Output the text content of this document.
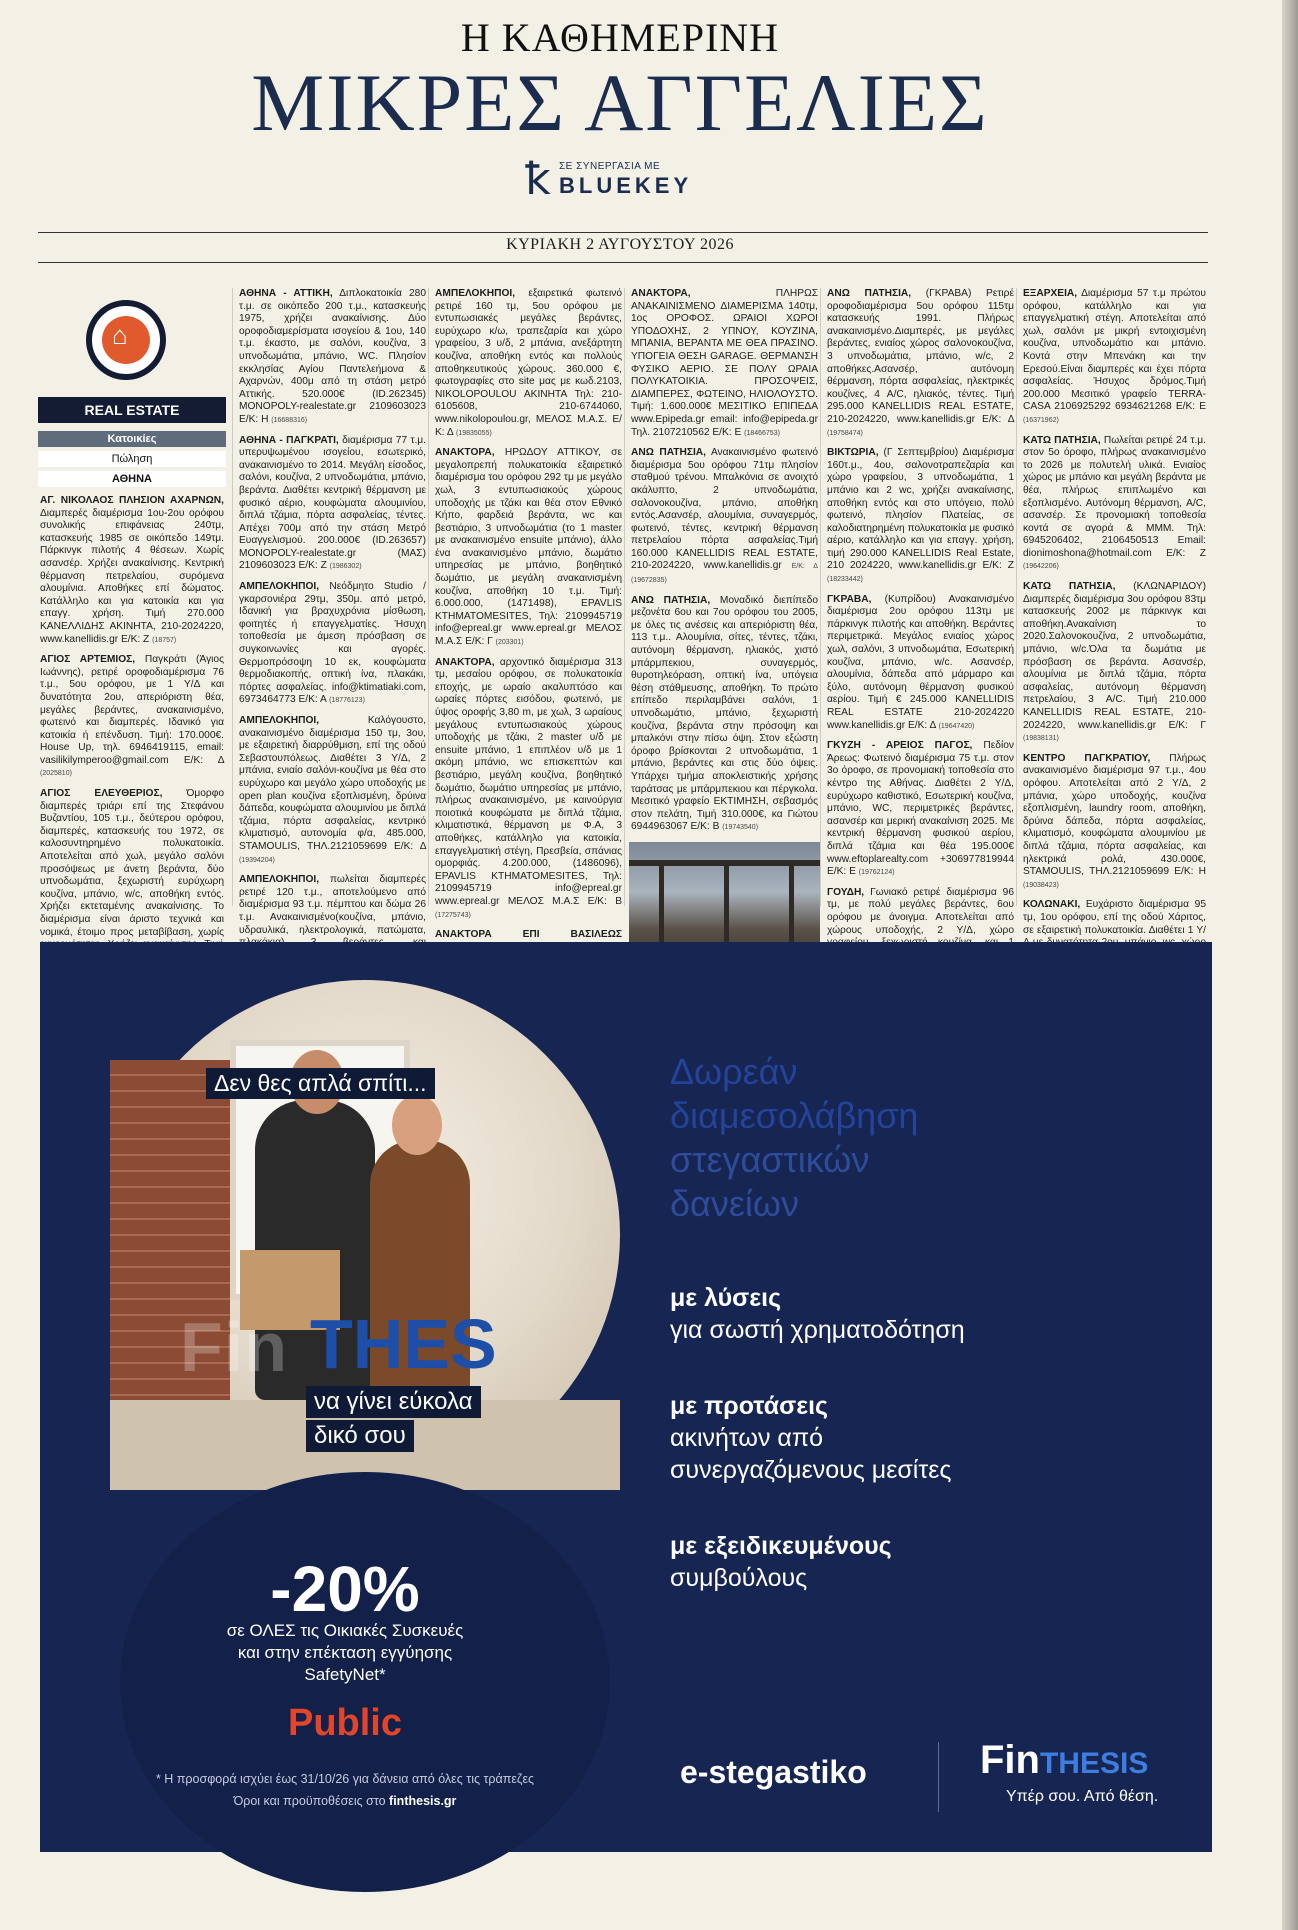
Η ΚΑΘΗΜΕΡΙΝΗ
ΜΙΚΡΕΣ ΑΓΓΕΛΙΕΣ
ꝁ ΣΕ ΣΥΝΕΡΓΑΣΙΑ ΜΕ
BLUEKEY
ΚΥΡΙΑΚΗ 2 ΑΥΓΟΥΣΤΟΥ 2026
⌂
REAL ESTATE
Κατοικίες
Πώληση
ΑΘΗΝΑ
ΑΓ. ΝΙΚΟΛΑΟΣ ΠΛΗΣΙΟΝ ΑΧΑΡΝΩΝ, Διαμπερές διαμέρισμα 1ου-2ου ορόφου συνολικής επιφάνειας 240τμ, κατασκευής 1985 σε οικόπεδο 149τμ. Πάρκινγκ πιλοτής 4 θέσεων. Χωρίς ασανσέρ. Χρήζει ανακαίνισης. Κεντρική θέρμανση πετρελαίου, συρόμενα αλουμίνια. Αποθήκες επί δώματος. Κατάλληλο και για κατοικία και για επαγγ. χρήση. Τιμή 270.000 ΚΑΝΕΛΛΙΔΗΣ ΑΚΙΝΗΤΑ, 210-2024220, www.kanellidis.gr Ε/Κ: Ζ (18757)
ΑΓΙΟΣ ΑΡΤΕΜΙΟΣ, Παγκράτι (Άγιος Ιωάννης), ρετιρέ οροφοδιαμέρισμα 76 τ.μ., 5ου ορόφου, με 1 Υ/Δ και δυνατότητα 2ου, απεριόριστη θέα, μεγάλες βεράντες, ανακαινισμένο, φωτεινό και διαμπερές. Ιδανικό για κατοικία ή επένδυση. Τιμή: 170.000€. House Up, τηλ. 6946419115, email: vasilikilymperoo@gmail.com Ε/Κ: Δ (2025810)
ΑΓΙΟΣ ΕΛΕΥΘΕΡΙΟΣ, Όμορφο διαμπερές τριάρι επί της Στεφάνου Βυζαντίου, 105 τ.μ., δεύτερου ορόφου, διαμπερές, κατασκευής του 1972, σε καλοσυντηρημένο πολυκατοικία. Αποτελείται από χωλ, μεγάλο σαλόνι προσόψεως με άνετη βεράντα, δύο υπνοδωμάτια, ξεχωριστή ευρύχωρη κουζίνα, μπάνιο, w/c, αποθήκη εντός. Χρήζει εκτεταμένης ανακαίνισης. Το διαμέρισμα είναι άριστο τεχνικά και νομικά, έτοιμο προς μεταβίβαση, χωρίς
ΑΘΗΝΑ - ΑΤΤΙΚΗ, Διπλοκατοικία 280 τ.μ. σε οικόπεδο 200 τ.μ., κατασκευής 1975, χρήζει ανακαίνισης. Δύο οροφοδιαμερίσματα ισογείου & 1ου, 140 τ.μ. έκαστο, με σαλόνι, κουζίνα, 3 υπνοδωμάτια, μπάνιο, WC. Πλησίον εκκλησίας Αγίου Παντελεήμονα & Αχαρνών, 400μ από τη στάση μετρό Αττικής. 520.000€ (ID.262345) MONOPOLY-realestate.gr 2109603023 Ε/Κ: Η (16688316)
ΑΘΗΝΑ - ΠΑΓΚΡΑΤΙ, διαμέρισμα 77 τ.μ. υπερυψωμένου ισογείου, εσωτερικό, ανακαινισμένο το 2014. Μεγάλη είσοδος, σαλόνι, κουζίνα, 2 υπνοδωμάτια, μπάνιο, βεράντα. Διαθέτει κεντρική θέρμανση με φυσικό αέριο, κουφώματα αλουμινίου, διπλά τζάμια, πόρτα ασφαλείας, τέντες. Απέχει 700μ από την στάση Μετρό Ευαγγελισμού. 200.000€ (ID.263657) MONOPOLY-realestate.gr (ΜΑΣ) 2109603023 Ε/Κ: Ζ (1986302)
ΑΜΠΕΛΟΚΗΠΟΙ, Νεόδμητο Studio / γκαρσονιέρα 29τμ, 350μ. από μετρό, Ιδανική για βραχυχρόνια μίσθωση, φοιτητές ή επαγγελματίες. Ήσυχη τοποθεσία με άμεση πρόσβαση σε συγκοινωνίες και αγορές. Θερμοπρόσοψη 10 εκ, κουφώματα θερμοδιακοπής, οπτική ίνα, πλακάκι, πόρτες ασφαλείας. info@ktimatiaki.com, 6973464773 Ε/Κ: Α (18776123)
ΑΜΠΕΛΟΚΗΠΟΙ, Καλόγουστο, ανακαινισμένο διαμέρισμα 150 τμ, 3ου, με εξαιρετική διαρρύθμιση, επί της οδού Σεβαστουπόλεως. Διαθέτει 3 Υ/Δ, 2 μπάνια, ενιαίο σαλόνι-κουζίνα με θέα στο ευρύχωρο και μεγάλο χώρο υποδοχής με open plan κουζίνα εξοπλισμένη, δρύινα δάπεδα, κουφώματα αλουμινίου με διπλά τζάμια, πόρτα ασφαλείας, κεντρικό κλιματισμό, αυτονομία φ/α, 485.000, STAMOULIS, ΤΗΛ.2121059699 Ε/Κ: Δ (19394204)
ΑΜΠΕΛΟΚΗΠΟΙ, πωλείται διαμπερές ρετιρέ 120 τ.μ., αποτελούμενο από διαμέρισμα 93 τ.μ. πέμπτου και δώμα 26 τ.μ. Ανακαινισμένο(κουζίνα, μπάνιο, υδραυλικά, ηλεκτρολογικά, πατώματα,
ΑΜΠΕΛΟΚΗΠΟΙ, εξαιρετικά φωτεινό ρετιρέ 160 τμ, 5ου ορόφου με εντυπωσιακές μεγάλες βεράντες, ευρύχωρο κ/ω, τραπεζαρία και χώρο γραφείου, 3 υ/δ, 2 μπάνια, ανεξάρτητη κουζίνα, αποθήκη εντός και πολλούς αποθηκευτικούς χώρους. 360.000 €, φωτογραφίες στο site μας με κωδ.2103, NIKOLOPOULOU AKINHTA Τηλ: 210-6105608, 210-6744060, www.nikolopoulou.gr, ΜΕΛΟΣ Μ.Α.Σ. Ε/Κ: Δ (19835055)
ΑΝΑΚΤΟΡΑ, ΗΡΩΔΟΥ ΑΤΤΙΚΟΥ, σε μεγαλοπρεπή πολυκατοικία εξαιρετικό διαμέρισμα του ορόφου 292 τμ με μεγάλο χωλ, 3 εντυπωσιακούς χώρους υποδοχής με τζάκι και θέα στον Εθνικό Κήπο, φαρδειά βεράντα, wc και βεστιάριο, 3 υπνοδωμάτια (το 1 master με ανακαινισμένο ensuite μπάνιο), άλλο ένα ανακαινισμένο μπάνιο, δωμάτιο υπηρεσίας με μπάνιο, βοηθητικό δωμάτιο, με μεγάλη ανακαινισμένη κουζίνα, αποθήκη 10 τ.μ. Τιμή: 6.000.000, (1471498), EPAVLIS KTHMATOMESITES, Τηλ: 2109945719 info@epreal.gr www.epreal.gr ΜΕΛΟΣ Μ.Α.Σ Ε/Κ: Γ (203301)
ΑΝΑΚΤΟΡΑ, αρχοντικό διαμέρισμα 313 τμ, μεσαίου ορόφου, σε πολυκατοικία εποχής, με ωραίο ακαλυπτόσο και ωραίες πόρτες εισόδου, φωτεινό, με ύψος οροφής 3,80 m, με χωλ, 3 ωραίους μεγάλους εντυπωσιακούς χώρους υποδοχής με τζάκι, 2 master υ/δ με ensuite μπάνιο, 1 επιπλέον υ/δ με 1 ακόμη μπάνιο, wc επισκεπτών και βεστιάριο, μεγάλη κουζίνα, βοηθητικό δωμάτιο, δωμάτιο υπηρεσίας με μπάνιο, πλήρως ανακαινισμένο, με καινούργια ποιοτικά κουφώματα με διπλά τζάμια, κλιματιστικά, θέρμανση με Φ.Α, 3 αποθήκες, κατάλληλο για κατοικία, επαγγελματική στέγη, Πρεσβεία, σπάνιας ομορφιάς. 4.200.000, (1486096), EPAVLIS KTHMATOMESITES, Τηλ: 2109945719 info@epreal.gr www.epreal.gr ΜΕΛΟΣ Μ.Α.Σ Ε/Κ: Β (17275743)
ΑΝΑΚΤΟΡΑ ΕΠΙ ΒΑΣΙΛΕΩΣ
ΑΝΑΚΤΟΡΑ, ΠΛΗΡΩΣ ΑΝΑΚΑΙΝΙΣΜΕΝΟ ΔΙΑΜΕΡΙΣΜΑ 140τμ, 1ος ΟΡΟΦΟΣ. ΩΡΑΙΟΙ ΧΩΡΟΙ ΥΠΟΔΟΧΗΣ, 2 ΥΠΝΟΥ, ΚΟΥΖΙΝΑ, ΜΠΑΝΙΑ, ΒΕΡΑΝΤΑ ΜΕ ΘΕΑ ΠΡΑΣΙΝΟ. ΥΠΟΓΕΙΑ ΘΕΣΗ GARAGE. ΘΕΡΜΑΝΣΗ ΦΥΣΙΚΟ ΑΕΡΙΟ. ΣΕ ΠΟΛΥ ΩΡΑΙΑ ΠΟΛΥΚΑΤΟΙΚΙΑ. ΠΡΟΣΟΨΕΙΣ, ΔΙΑΜΠΕΡΕΣ, ΦΩΤΕΙΝΟ, ΗΛΙΟΛΟΥΣΤΟ. Τιμή: 1.600.000€ ΜΕΣΙΤΙΚΟ ΕΠΙΠΕΔΑ www.Epipeda.gr email: info@epipeda.gr Τηλ. 2107210562 Ε/Κ: Ε (18466753)
ΑΝΩ ΠΑΤΗΣΙΑ, Ανακαινισμένο φωτεινό διαμέρισμα 5ου ορόφου 71τμ πλησίον σταθμού τρένου. Μπαλκόνια σε ανοιχτό ακάλυπτο, 2 υπνοδωμάτια, σαλονοκουζίνα, μπάνιο, αποθήκη εντός.Ασανσέρ, αλουμίνια, συναγερμός, φωτεινό, τέντες, κεντρική θέρμανση πετρελαίου πόρτα ασφαλείας.Τιμή 160.000 KANELLIDIS REAL ESTATE, 210-2024220, www.kanellidis.gr Ε/Κ: Δ (19672835)
ΑΝΩ ΠΑΤΗΣΙΑ, Μοναδικό διεπίπεδο μεζονέτα 6ου και 7ου ορόφου του 2005, με όλες τις ανέσεις και απεριόριστη θέα, 113 τ.μ.. Αλουμίνια, σίτες, τέντες, τζάκι, αυτόνομη θέρμανση, ηλιακός, χιστό μπάρμπεκιου, συναγερμός, θυροτηλεόραση, οπτική ίνα, υπόγεια θέση στάθμευσης, αποθήκη. Το πρώτο επίπεδο περιλαμβάνει σαλόνι, 1 υπνοδωμάτιο, μπάνιο, ξεχωριστή κουζίνα, βεράντα στην πρόσοψη και μπαλκόνι στην πίσω όψη. Στον εξώστη όροφο βρίσκονται 2 υπνοδωμάτια, 1 μπάνιο, βεράντες και στις δύο όψεις. Υπάρχει τμήμα αποκλειστικής χρήσης ταράτσας με μπάρμπεκιου και πέργκολα. Μεσιτικό γραφείο ΕΚΤΙΜΗΣΗ, σεβασμός στον πελάτη, Τιμή 310.000€, κα Γιώτου 6944963067 Ε/Κ: Β (19743540)
ΑΝΩ ΠΑΤΗΣΙΑ, (ΓΚΡΑΒΑ) Ρετιρέ οροφοδιαμέρισμα 5ου ορόφου 115τμ κατασκευής 1991. Πλήρως ανακαινισμένο.Διαμπερές, με μεγάλες βεράντες, ενιαίος χώρος σαλονοκουζίνα, 3 υπνοδωμάτια, μπάνιο, w/c, 2 αποθήκες.Ασανσέρ, αυτόνομη θέρμανση, πόρτα ασφαλείας, ηλεκτρικές κουζίνες, 4 A/C, ηλιακός, τέντες. Τιμή 295.000 KANELLIDIS REAL ESTATE, 210-2024220, www.kanellidis.gr Ε/Κ: Δ (19758474)
ΒΙΚΤΩΡΙΑ, (Γ Σεπτεμβρίου) Διαμέρισμα 160τ.μ., 4ου, σαλονοτραπεζαρία και χώρο γραφείου, 3 υπνοδωμάτια, 1 μπάνιο και 2 wc, χρήζει ανακαίνισης, αποθήκη εντός και στο υπόγειο, πολύ φωτεινό, πλησίον Πλατείας, σε καλοδιατηρημένη πολυκατοικία με φυσικό αέριο, κατάλληλο και για επαγγ. χρήση, τιμή 290.000 KANELLIDIS Real Estate, 210 2024220, www.kanellidis.gr Ε/Κ: Ζ (18233442)
ΓΚΡΑΒΑ, (Κυπρίδου) Ανακαινισμένο διαμέρισμα 2ου ορόφου 113τμ με πάρκινγκ πιλοτής και αποθήκη. Βεράντες περιμετρικά. Μεγάλος ενιαίος χώρος χωλ, σαλόνι, 3 υπνοδωμάτια, Εσωτερική κουζίνα, μπάνιο, w/c. Ασανσέρ, αλουμίνια, δάπεδα από μάρμαρο και ξύλο, αυτόνομη θέρμανση φυσικού αερίου. Τιμή € 245.000 KANELLIDIS REAL ESTATE 210-2024220 www.kanellidis.gr Ε/Κ: Δ (19647420)
ΓΚΥΖΗ - ΑΡΕΙΟΣ ΠΑΓΟΣ, Πεδίον Άρεως: Φωτεινό διαμέρισμα 75 τ.μ. στον 3ο όροφο, σε προνομιακή τοποθεσία στο κέντρο της Αθήνας. Διαθέτει 2 Υ/Δ, ευρύχωρο καθιστικό, Εσωτερική κουζίνα, μπάνιο, WC, περιμετρικές βεράντες, ασανσέρ και μερική ανακαίνιση 2025. Με κεντρική θέρμανση φυσικού αερίου, διπλά τζάμια και θέα 195.000€ www.eftoplarealty.com +306977819944 Ε/Κ: Ε (19762124)
ΓΟΥΔΗ, Γωνιακό ρετιρέ διαμέρισμα 96 τμ, με πολύ μεγάλες βεράντες, 6ου ορόφου με άνοιγμα. Αποτελείται από χώρους υποδοχής, 2 Υ/Δ, χώρο
ΕΞΑΡΧΕΙΑ, Διαμέρισμα 57 τ.μ πρώτου ορόφου, κατάλληλο και για επαγγελματική στέγη. Αποτελείται από χωλ, σαλόνι με μικρή εντοιχισμένη κουζίνα, υπνοδωμάτιο και μπάνιο. Κοντά στην Μπενάκη και την Ερεσού.Είναι διαμπερές και έχει πόρτα ασφαλείας. Ήσυχος δρόμος.Τιμή 200.000 Μεσιτικό γραφείο TERRA-CASA 2106925292 6934621268 Ε/Κ: Ε (16371962)
ΚΑΤΩ ΠΑΤΗΣΙΑ, Πωλείται ρετιρέ 24 τ.μ. στον 5ο όροφο, πλήρως ανακαινισμένο το 2026 με πολυτελή υλικά. Ενιαίος χώρος με μπάνιο και μεγάλη βεράντα με θέα, πλήρως επιπλωμένο και εξοπλισμένο. Αυτόνομη θέρμανση, A/C, ασανσέρ. Σε προνομιακή τοποθεσία κοντά σε αγορά & ΜΜΜ. Τηλ: 6945206402, 2106450513 Email: dionimoshona@hotmail.com Ε/Κ: Ζ (19642206)
ΚΑΤΩ ΠΑΤΗΣΙΑ, (ΚΛΩΝΑΡΙΔΟΥ) Διαμπερές διαμέρισμα 3ου ορόφου 83τμ κατασκευής 2002 με πάρκινγκ και αποθήκη.Ανακαίνιση το 2020.Σαλονοκουζίνα, 2 υπνοδωμάτια, μπάνιο, w/c.Όλα τα δωμάτια με πρόσβαση σε βεράντα. Ασανσέρ, αλουμίνια με διπλά τζάμια, πόρτα ασφαλείας, αυτόνομη θέρμανση πετρελαίου, 3 A/C. Τιμή 210.000 KANELLIDIS REAL ESTATE, 210-2024220, www.kanellidis.gr Ε/Κ: Γ (19838131)
ΚΕΝΤΡΟ ΠΑΓΚΡΑΤΙΟΥ, Πλήρως ανακαινισμένο διαμέρισμα 97 τ.μ., 4ου ορόφου. Αποτελείται από 2 Υ/Δ, 2 μπάνια, χώρο υποδοχής, κουζίνα εξοπλισμένη, laundry room, αποθήκη, δρύινα δάπεδα, πόρτα ασφαλείας, κλιματισμό, κουφώματα αλουμινίου με διπλά τζάμια, πόρτα ασφαλείας, και ηλεκτρικά ρολά, 430.000€, STAMOULIS, ΤΗΛ.2121059699 Ε/Κ: Η (19038423)
ΚΟΛΩΝΑΚΙ, Ευχάριστο διαμέρισμα 95 τμ, 1ου ορόφου, επί της οδού Χάριτος, σε εξαιρετική πολυκατοικία. Διαθέτει 1 Υ/
Δεν θες απλά σπίτι...
Fin THES
να γίνει εύκολα
δικό σου
-20%
σε ΟΛΕΣ τις Οικιακές Συσκευές
και στην επέκταση εγγύησης
SafetyNet*
Public
* Η προσφορά ισχύει έως 31/10/26 για δάνεια από όλες τις τράπεζες
Όροι και προϋποθέσεις στο finthesis.gr
Δωρεάν
διαμεσολάβηση
στεγαστικών
δανείων
με λύσεις
για σωστή χρηματοδότηση
με προτάσεις
ακινήτων από
συνεργαζόμενους μεσίτες
με εξειδικευμένους
συμβούλους
e-stegastiko	FinTHESIS
Υπέρ σου. Από θέση.
